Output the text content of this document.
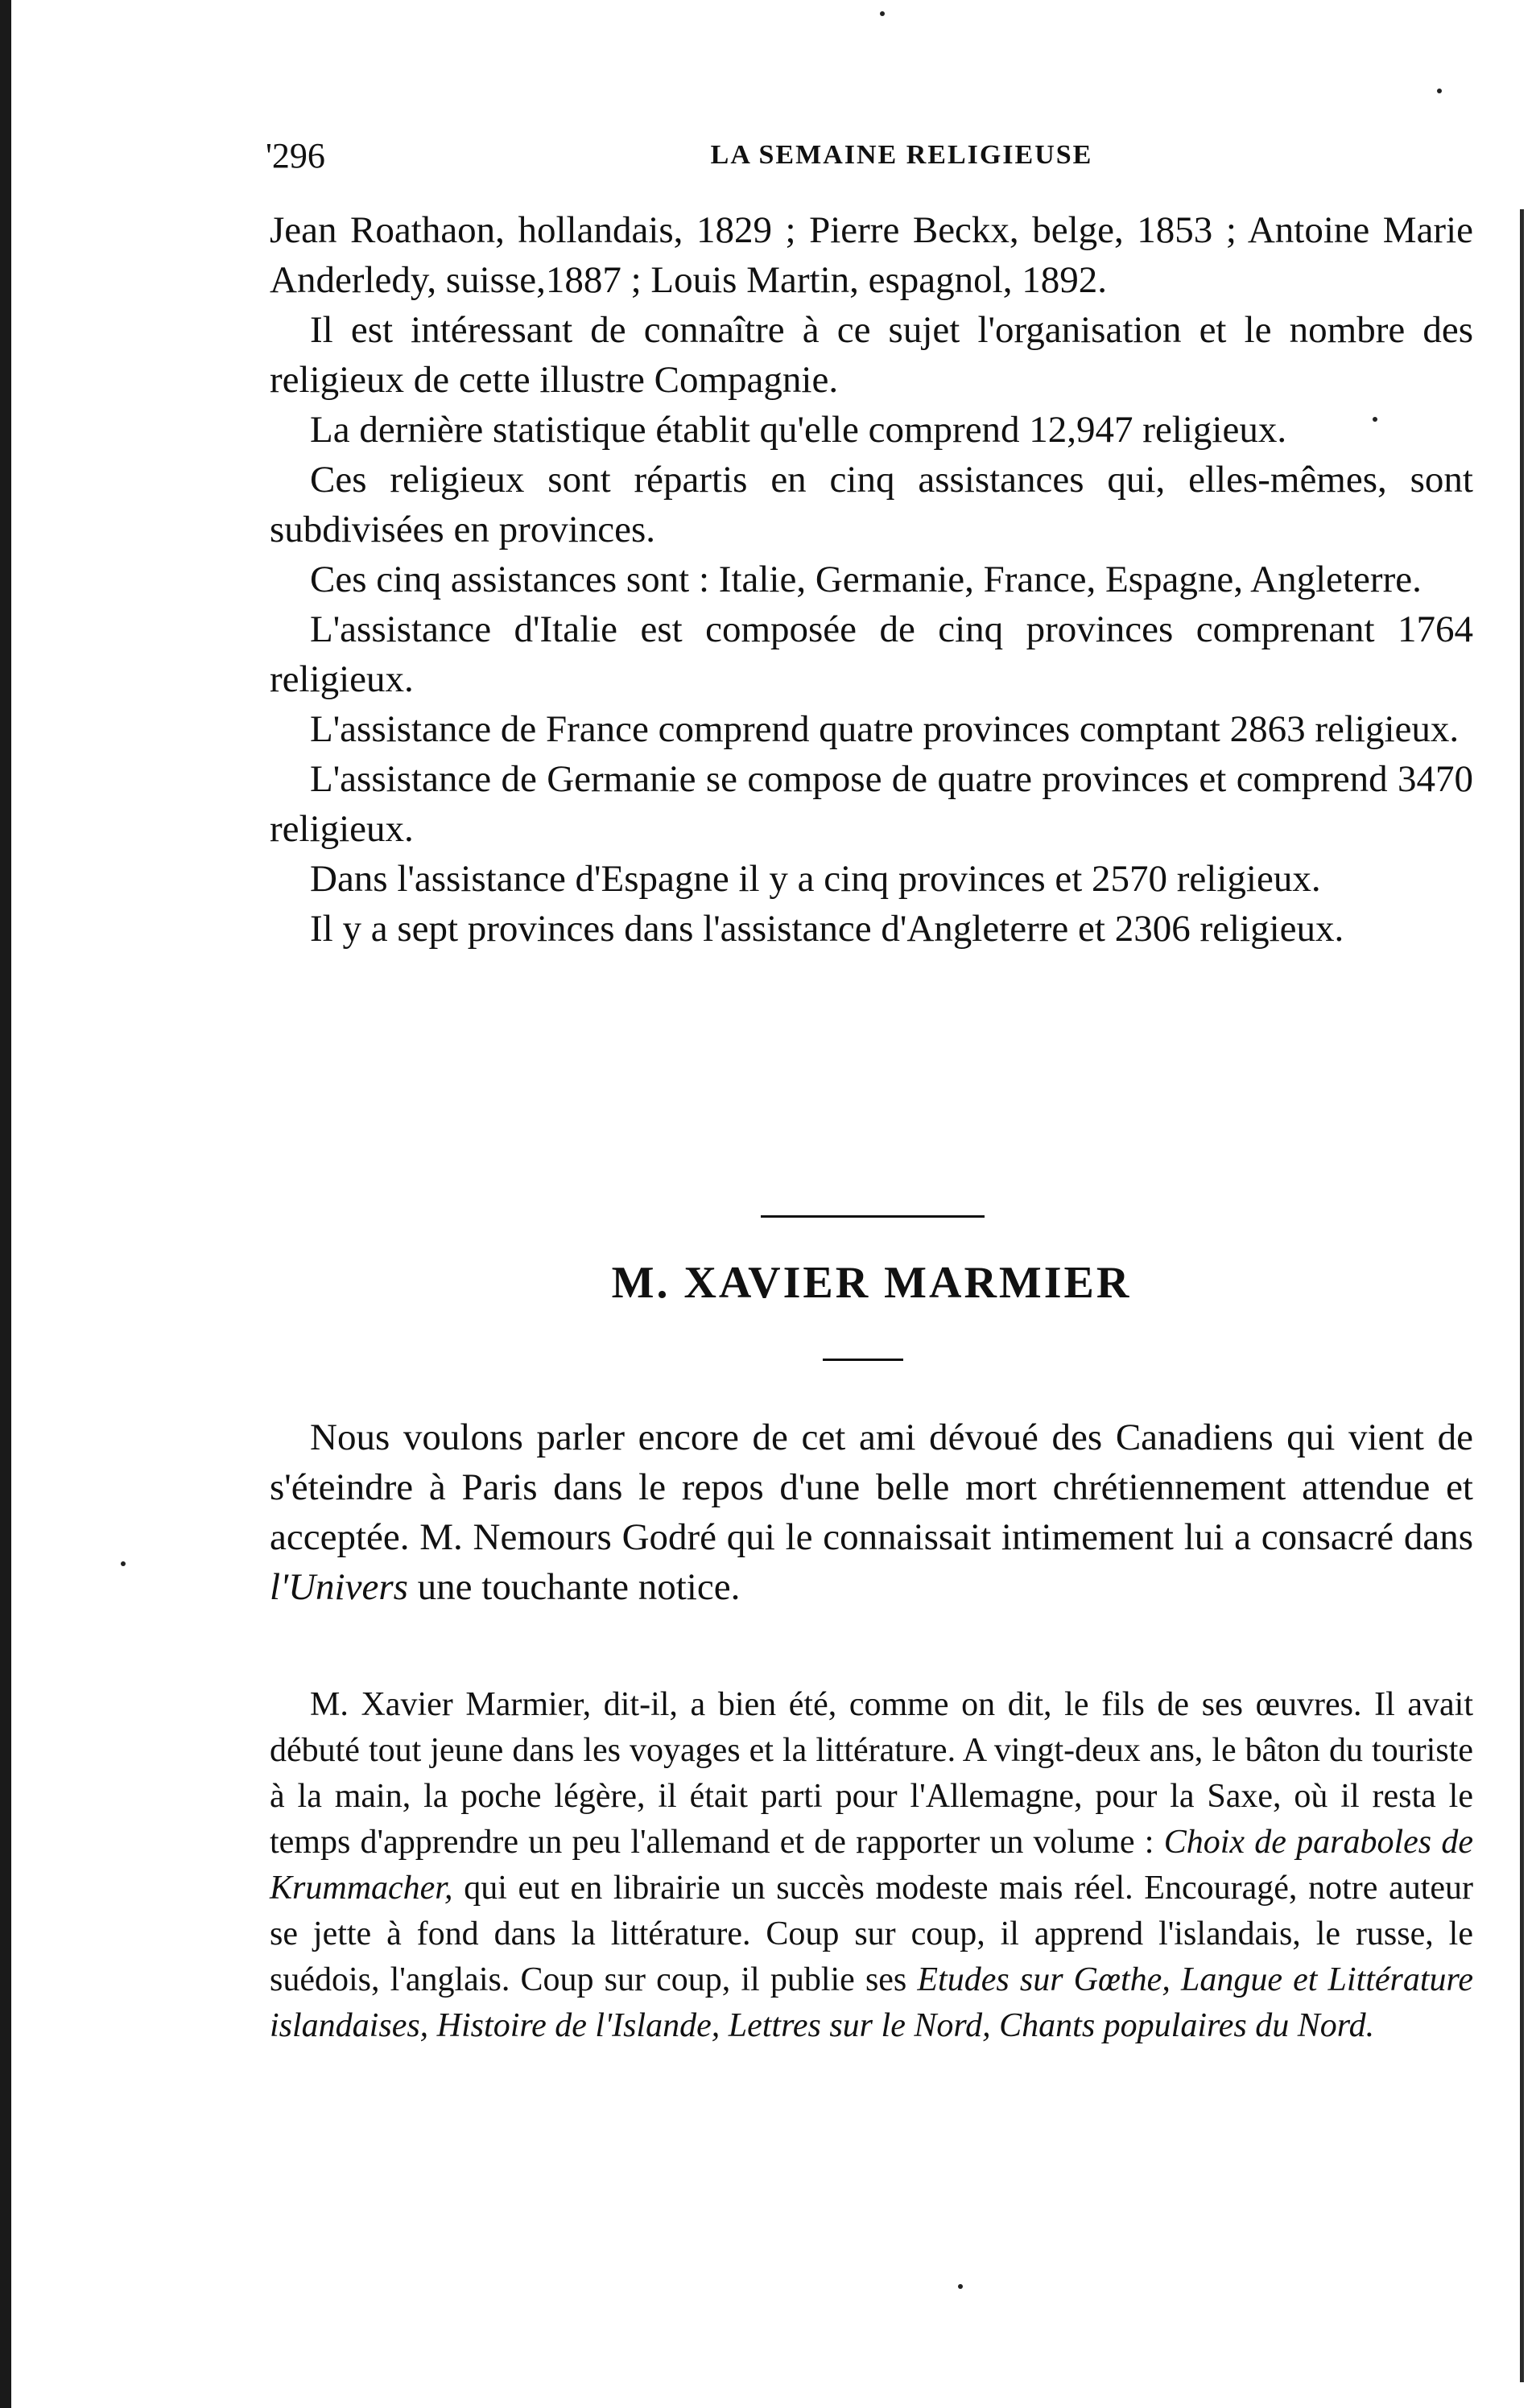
'296	LA SEMAINE RELIGIEUSE

Jean Roathaon, hollandais, 1829 ; Pierre Beckx, belge, 1853 ; Antoine Marie Anderledy, suisse,1887 ; Louis Martin, espagnol, 1892.

Il est intéressant de connaître à ce sujet l'organisation et le nombre des religieux de cette illustre Compagnie.

La dernière statistique établit qu'elle comprend 12,947 religieux.

Ces religieux sont répartis en cinq assistances qui, elles-mêmes, sont subdivisées en provinces.

Ces cinq assistances sont : Italie, Germanie, France, Espagne, Angleterre.

L'assistance d'Italie est composée de cinq provinces comprenant 1764 religieux.

L'assistance de France comprend quatre provinces comptant 2863 religieux.

L'assistance de Germanie se compose de quatre provinces et comprend 3470 religieux.

Dans l'assistance d'Espagne il y a cinq provinces et 2570 religieux.

Il y a sept provinces dans l'assistance d'Angleterre et 2306 religieux.

M. XAVIER MARMIER

Nous voulons parler encore de cet ami dévoué des Canadiens qui vient de s'éteindre à Paris dans le repos d'une belle mort chrétiennement attendue et acceptée. M. Nemours Godré qui le connaissait intimement lui a consacré dans l'Univers une touchante notice.

M. Xavier Marmier, dit-il, a bien été, comme on dit, le fils de ses œuvres. Il avait débuté tout jeune dans les voyages et la littérature. A vingt-deux ans, le bâton du touriste à la main, la poche légère, il était parti pour l'Allemagne, pour la Saxe, où il resta le temps d'apprendre un peu l'allemand et de rapporter un volume : Choix de paraboles de Krummacher, qui eut en librairie un succès modeste mais réel. Encouragé, notre auteur se jette à fond dans la littérature. Coup sur coup, il apprend l'islandais, le russe, le suédois, l'anglais. Coup sur coup, il publie ses Etudes sur Gœthe, Langue et Littérature islandaises, Histoire de l'Islande, Lettres sur le Nord, Chants populaires du Nord.
